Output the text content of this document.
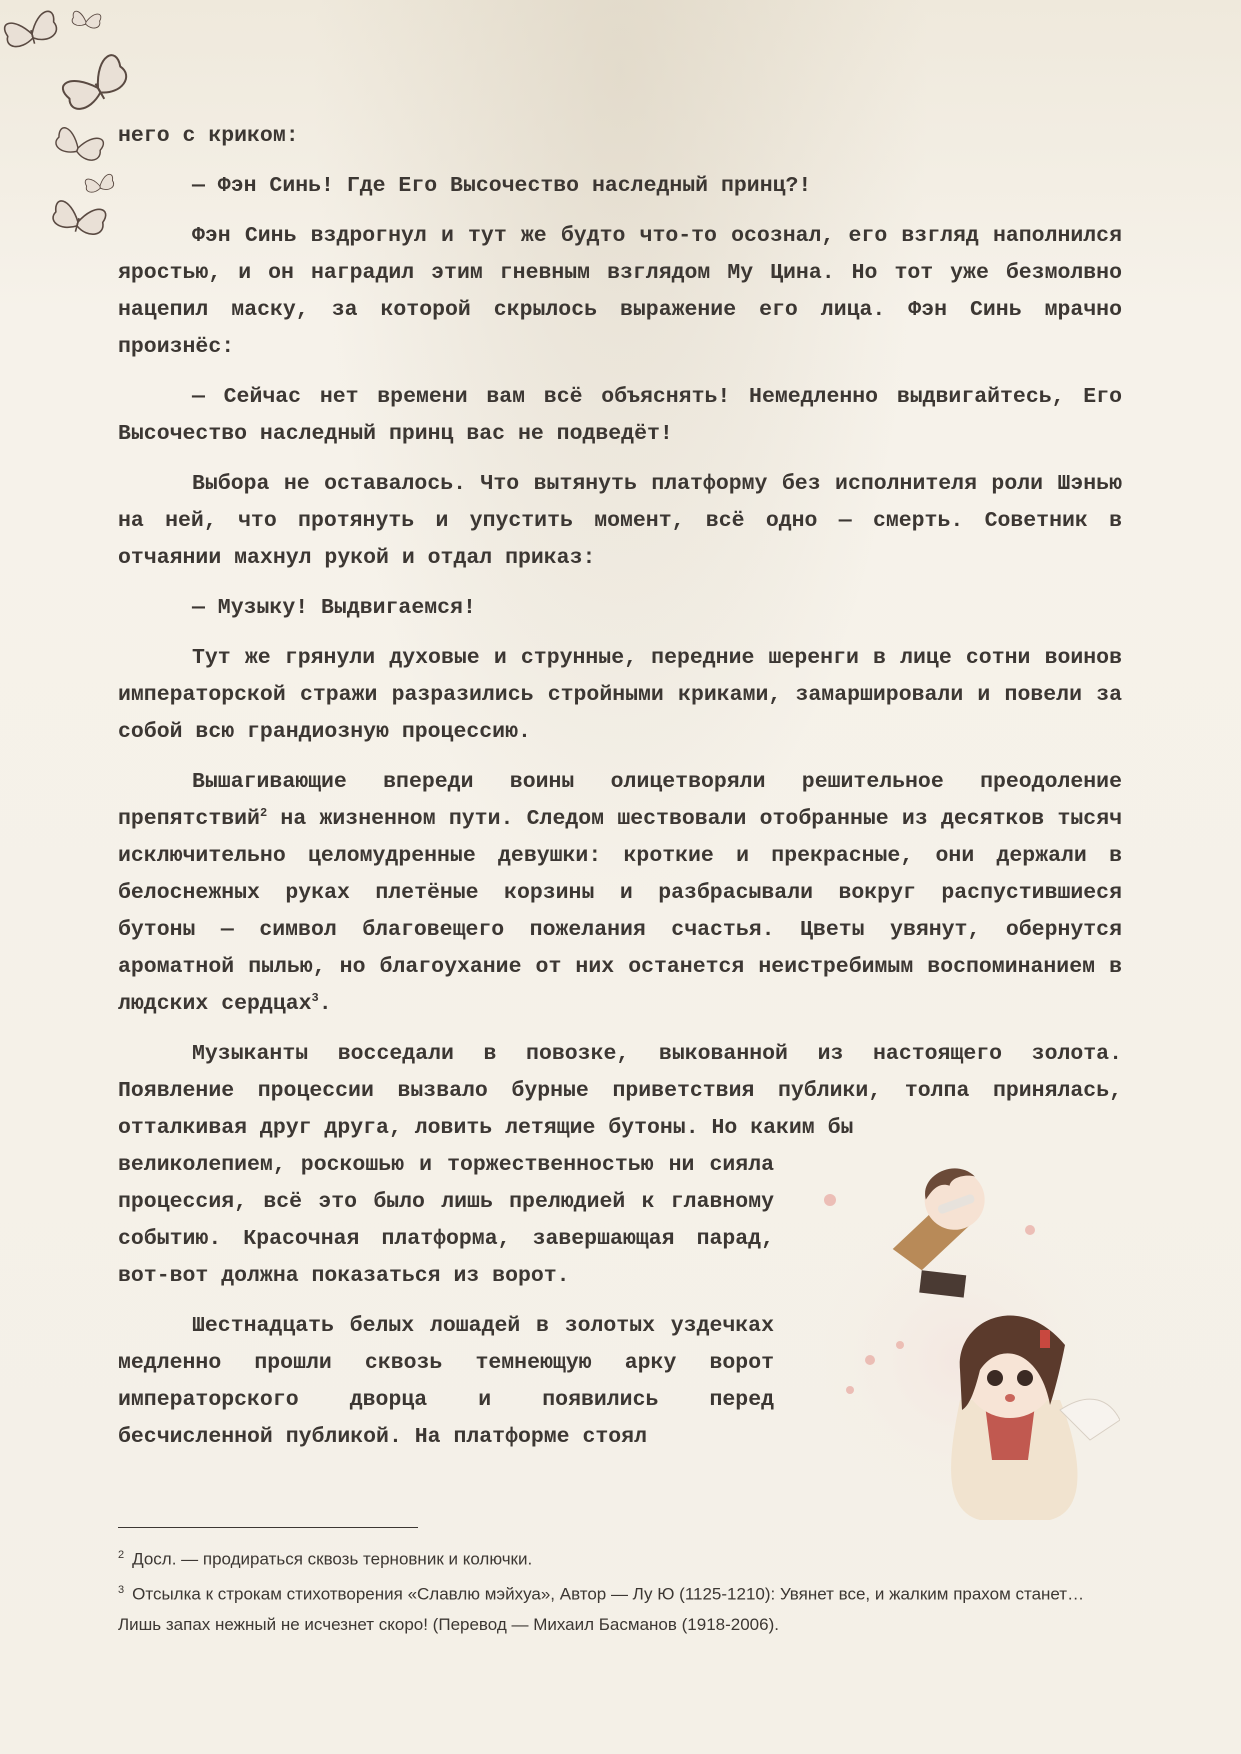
него с криком:

— Фэн Синь! Где Его Высочество наследный принц?!

Фэн Синь вздрогнул и тут же будто что-то осознал, его взгляд наполнился яростью, и он наградил этим гневным взглядом Му Цина. Но тот уже безмолвно нацепил маску, за которой скрылось выражение его лица. Фэн Синь мрачно произнёс:

— Сейчас нет времени вам всё объяснять! Немедленно выдвигайтесь, Его Высочество наследный принц вас не подведёт!

Выбора не оставалось. Что вытянуть платформу без исполнителя роли Шэнью на ней, что протянуть и упустить момент, всё одно — смерть. Советник в отчаянии махнул рукой и отдал приказ:

— Музыку! Выдвигаемся!

Тут же грянули духовые и струнные, передние шеренги в лице сотни воинов императорской стражи разразились стройными криками, замаршировали и повели за собой всю грандиозную процессию.

Вышагивающие впереди воины олицетворяли решительное преодоление препятствий$^2$ на жизненном пути. Следом шествовали отобранные из десятков тысяч исключительно целомудренные девушки: кроткие и прекрасные, они держали в белоснежных руках плетёные корзины и разбрасывали вокруг распустившиеся бутоны — символ благовещего пожелания счастья. Цветы увянут, обернутся ароматной пылью, но благоухание от них останется неистребимым воспоминанием в людских сердцах$^3$.

Музыканты восседали в повозке, выкованной из настоящего золота. Появление процессии вызвало бурные приветствия публики, толпа принялась, отталкивая друг друга, ловить летящие бутоны. Но каким бы

великолепием, роскошью и торжественностью ни сияла процессия, всё это было лишь прелюдией к главному событию. Красочная платформа, завершающая парад, вот-вот должна показаться из ворот.

Шестнадцать белых лошадей в золотых уздечках медленно прошли сквозь темнеющую арку ворот императорского дворца и появились перед бесчисленной публикой. На платформе стоял

$^2$ Досл. — продираться сквозь терновник и колючки.
$^3$ Отсылка к строкам стихотворения «Славлю мэйхуа», Автор — Лу Ю (1125-1210): Увянет все, и жалким прахом станет… Лишь запах нежный не исчезнет скоро! (Перевод — Михаил Басманов (1918-2006).
